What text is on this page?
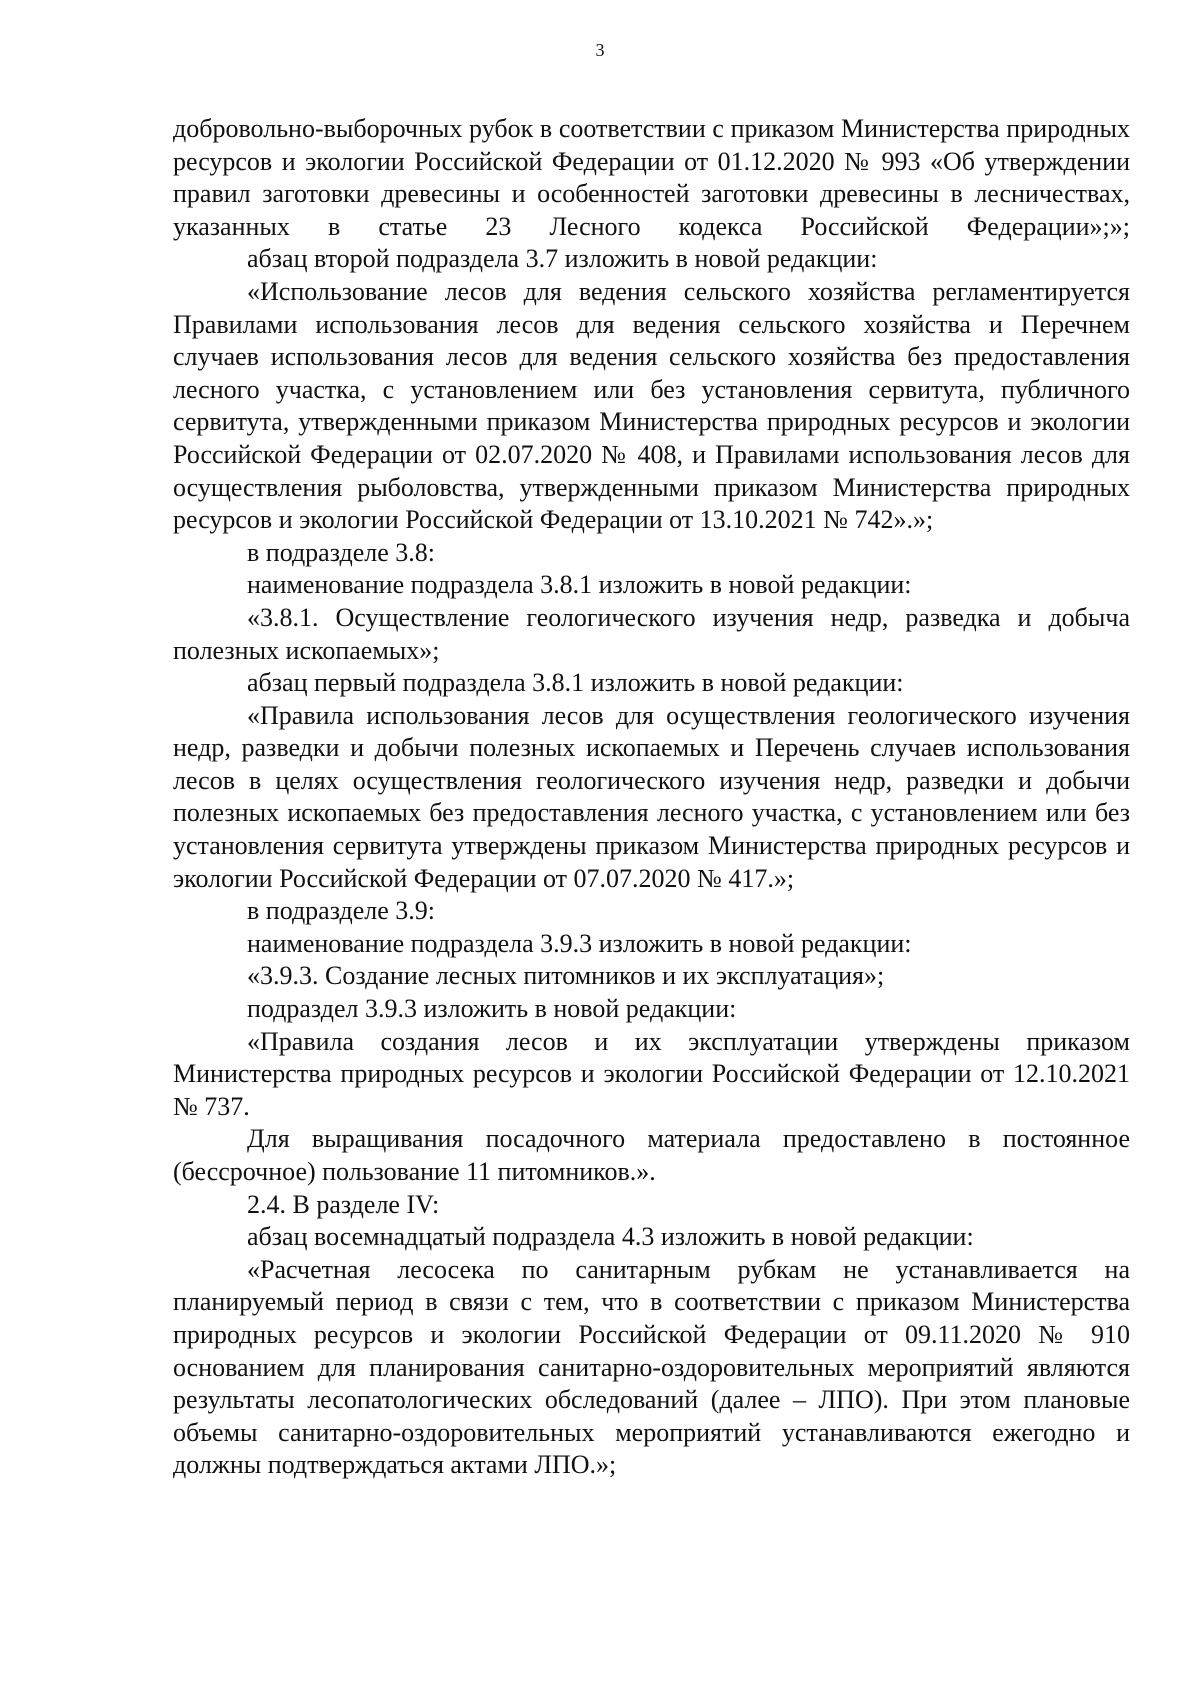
3

добровольно-выборочных рубок в соответствии с приказом Министерства природных ресурсов и экологии Российской Федерации от 01.12.2020 № 993 «Об утверждении правил заготовки древесины и особенностей заготовки древесины в лесничествах, указанных в статье 23 Лесного кодекса Российской Федерации»;»;

абзац второй подраздела 3.7 изложить в новой редакции:

«Использование лесов для ведения сельского хозяйства регламентируется Правилами использования лесов для ведения сельского хозяйства и Перечнем случаев использования лесов для ведения сельского хозяйства без предоставления лесного участка, с установлением или без установления сервитута, публичного сервитута, утвержденными приказом Министерства природных ресурсов и экологии Российской Федерации от 02.07.2020 № 408, и Правилами использования лесов для осуществления рыболовства, утвержденными приказом Министерства природных ресурсов и экологии Российской Федерации от 13.10.2021 № 742».»;

в подразделе 3.8:

наименование подраздела 3.8.1 изложить в новой редакции:

«3.8.1. Осуществление геологического изучения недр, разведка и добыча полезных ископаемых»;

абзац первый подраздела 3.8.1 изложить в новой редакции:

«Правила использования лесов для осуществления геологического изучения недр, разведки и добычи полезных ископаемых и Перечень случаев использования лесов в целях осуществления геологического изучения недр, разведки и добычи полезных ископаемых без предоставления лесного участка, с установлением или без установления сервитута утверждены приказом Министерства природных ресурсов и экологии Российской Федерации от 07.07.2020 № 417.»;

в подразделе 3.9:

наименование подраздела 3.9.3 изложить в новой редакции:

«3.9.3. Создание лесных питомников и их эксплуатация»;

подраздел 3.9.3 изложить в новой редакции:

«Правила создания лесов и их эксплуатации утверждены приказом Министерства природных ресурсов и экологии Российской Федерации от 12.10.2021 № 737.

Для выращивания посадочного материала предоставлено в постоянное (бессрочное) пользование 11 питомников.».

2.4. В разделе IV:

абзац восемнадцатый подраздела 4.3 изложить в новой редакции:

«Расчетная лесосека по санитарным рубкам не устанавливается на планируемый период в связи с тем, что в соответствии с приказом Министерства природных ресурсов и экологии Российской Федерации от 09.11.2020 № 910 основанием для планирования санитарно-оздоровительных мероприятий являются результаты лесопатологических обследований (далее – ЛПО). При этом плановые объемы санитарно-оздоровительных мероприятий устанавливаются ежегодно и должны подтверждаться актами ЛПО.»;
